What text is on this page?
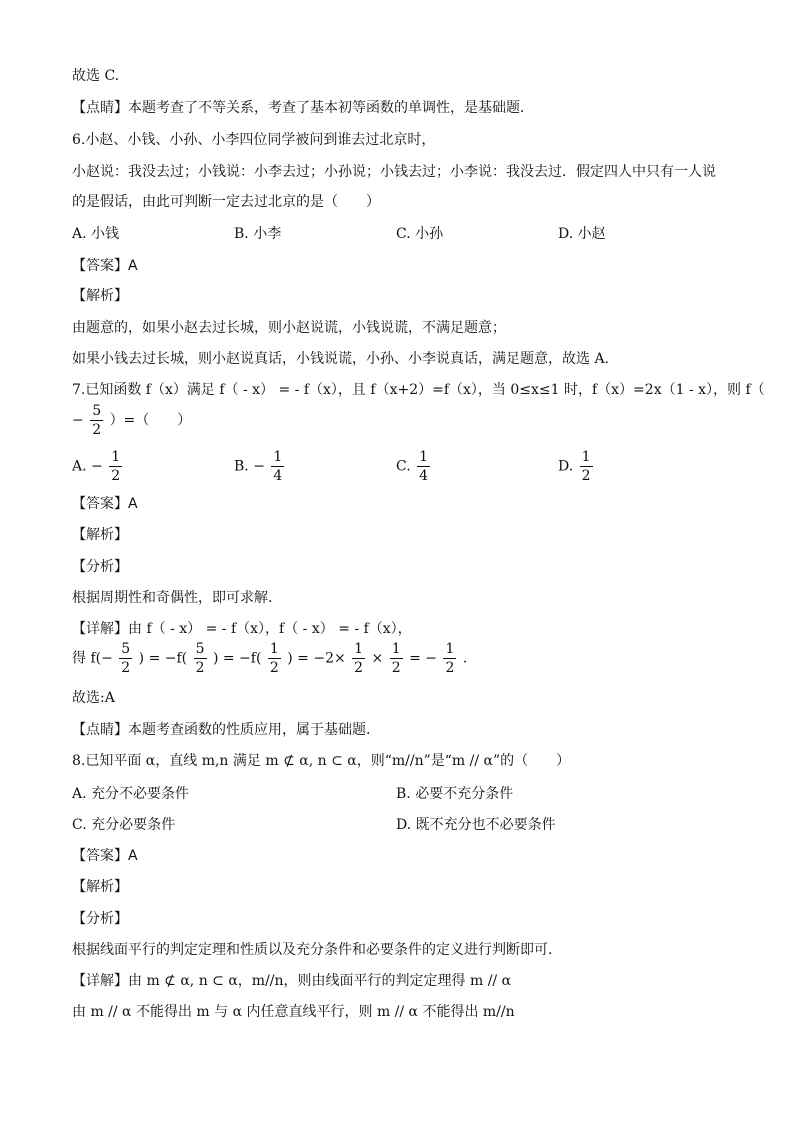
故选 C.
【点睛】本题考查了不等关系，考查了基本初等函数的单调性，是基础题．
6.小赵、小钱、小孙、小李四位同学被问到谁去过北京时，
小赵说：我没去过；小钱说：小李去过；小孙说；小钱去过；小李说：我没去过．假定四人中只有一人说
的是假话，由此可判断一定去过北京的是（　　）
A. 小钱	B. 小李	C. 小孙	D. 小赵
【答案】A
【解析】
由题意的，如果小赵去过长城，则小赵说谎，小钱说谎，不满足题意；
如果小钱去过长城，则小赵说真话，小钱说谎，小孙、小李说真话，满足题意，故选 A.
7.已知函数 f（x）满足 f（ - x） = - f（x），且 f（x+2）=f（x），当 0≤x≤1 时，f（x）=2x（1 - x），则 f（
− $\frac{5}{2}$ ）=（　　）
A. − $\frac{1}{2}$	B. − $\frac{1}{4}$	C. $\frac{1}{4}$	D. $\frac{1}{2}$
【答案】A
【解析】
【分析】
根据周期性和奇偶性，即可求解.
【详解】由 f（ - x） = - f（x），f（ - x） = - f（x），
得 $f(- \frac{5}{2}$ ) = $-f( \frac{5}{2}$ ) = $-f( \frac{1}{2}$ ) = $-2\times \frac{1}{2} \times \frac{1}{2}$ = − $\frac{1}{2}$ .
故选:A
【点睛】本题考查函数的性质应用，属于基础题.
8.已知平面 α，直线 m,n 满足 m ⊄ α, n ⊂ α，则“m//n”是“m // α”的（　　）
A. 充分不必要条件	B. 必要不充分条件
C. 充分必要条件	D. 既不充分也不必要条件
【答案】A
【解析】
【分析】
根据线面平行的判定定理和性质以及充分条件和必要条件的定义进行判断即可.
【详解】由 m ⊄ α, n ⊂ α，m//n，则由线面平行的判定定理得 m // α
由 m // α 不能得出 m 与 α 内任意直线平行，则 m // α 不能得出 m//n
